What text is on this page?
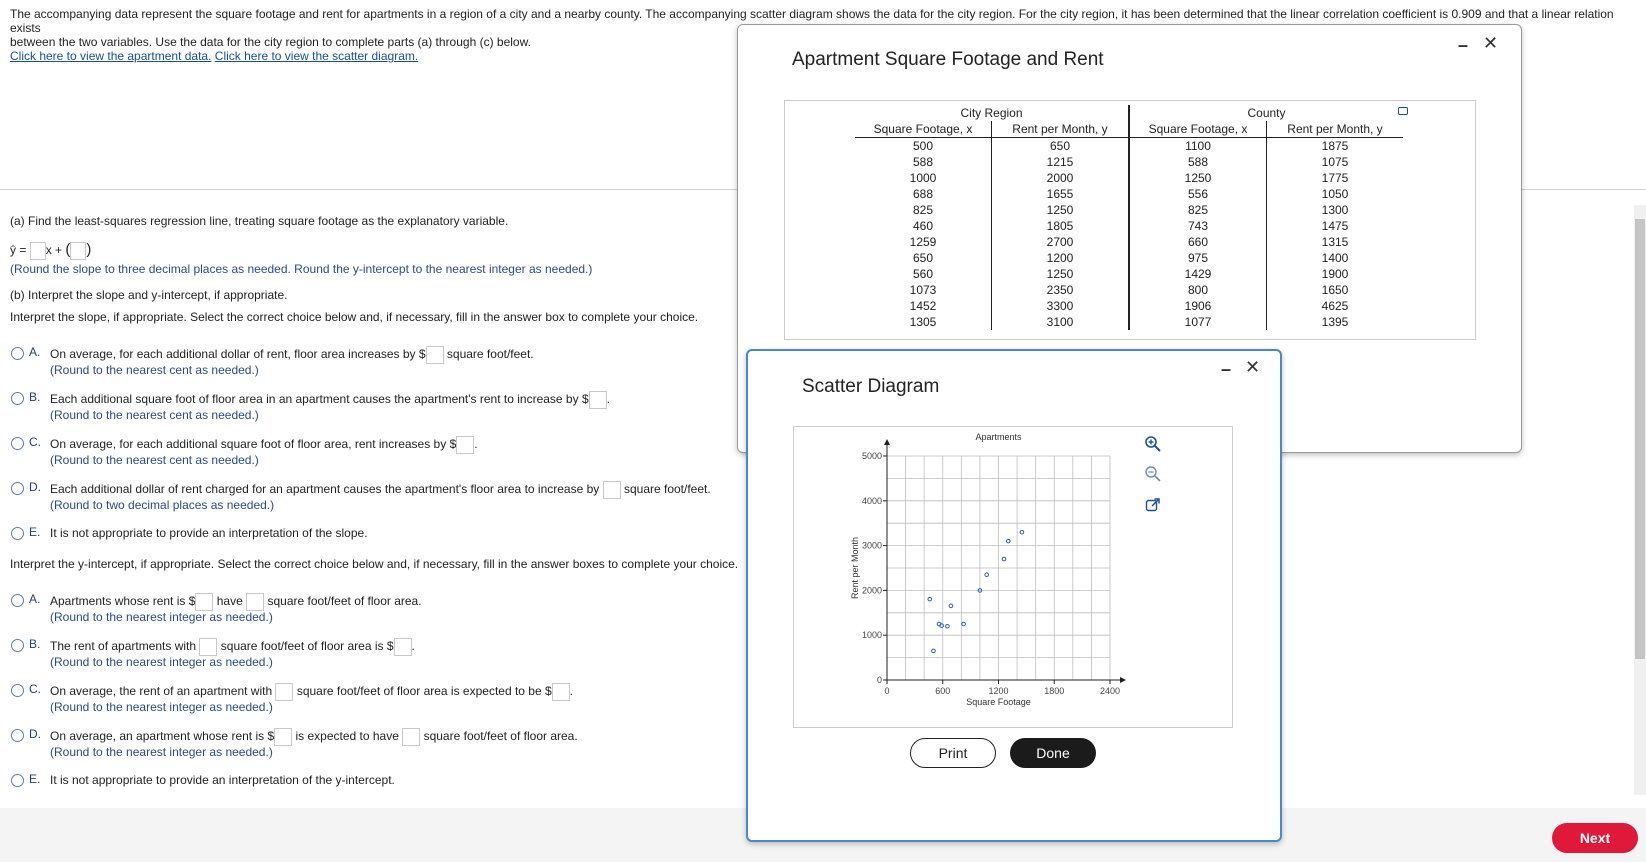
The accompanying data represent the square footage and rent for apartments in a region of a city and a nearby county. The accompanying scatter diagram shows the data for the city region. For the city region, it has been determined that the linear correlation coefficient is 0.909 and that a linear relation exists
between the two variables. Use the data for the city region to complete parts (a) through (c) below.
Click here to view the apartment data. Click here to view the scatter diagram.
(a) Find the least-squares regression line, treating square footage as the explanatory variable.
ŷ = x + ( )
(Round the slope to three decimal places as needed. Round the y-intercept to the nearest integer as needed.)
(b) Interpret the slope and y-intercept, if appropriate.
Interpret the slope, if appropriate. Select the correct choice below and, if necessary, fill in the answer box to complete your choice.
A. On average, for each additional dollar of rent, floor area increases by $ square foot/feet.
(Round to the nearest cent as needed.)
B. Each additional square foot of floor area in an apartment causes the apartment's rent to increase by $ .
(Round to the nearest cent as needed.)
C. On average, for each additional square foot of floor area, rent increases by $ .
(Round to the nearest cent as needed.)
D. Each additional dollar of rent charged for an apartment causes the apartment's floor area to increase by square foot/feet.
(Round to two decimal places as needed.)
E. It is not appropriate to provide an interpretation of the slope.
Interpret the y-intercept, if appropriate. Select the correct choice below and, if necessary, fill in the answer boxes to complete your choice.
A. Apartments whose rent is $ have square foot/feet of floor area.
(Round to the nearest integer as needed.)
B. The rent of apartments with square foot/feet of floor area is $ .
(Round to the nearest integer as needed.)
C. On average, the rent of an apartment with square foot/feet of floor area is expected to be $ .
(Round to the nearest integer as needed.)
D. On average, an apartment whose rent is $ is expected to have square foot/feet of floor area.
(Round to the nearest integer as needed.)
E. It is not appropriate to provide an interpretation of the y-intercept.
Next
Apartment Square Footage and Rent
– ✕
City Region		County	
Square Footage, x	Rent per Month, y		Square Footage, x	Rent per Month, y
500	650		1100	1875
588	1215		588	1075
1000	2000		1250	1775
688	1655		556	1050
825	1250		825	1300
460	1805		743	1475
1259	2700		660	1315
650	1200		975	1400
560	1250		1429	1900
1073	2350		800	1650
1452	3300		1906	4625
1305	3100		1077	1395
Scatter Diagram
– ✕
0	600	1200	1800	2400
0
1000
2000
3000
4000
5000
Apartments
Square Footage
Rent per Month
Print	Done
